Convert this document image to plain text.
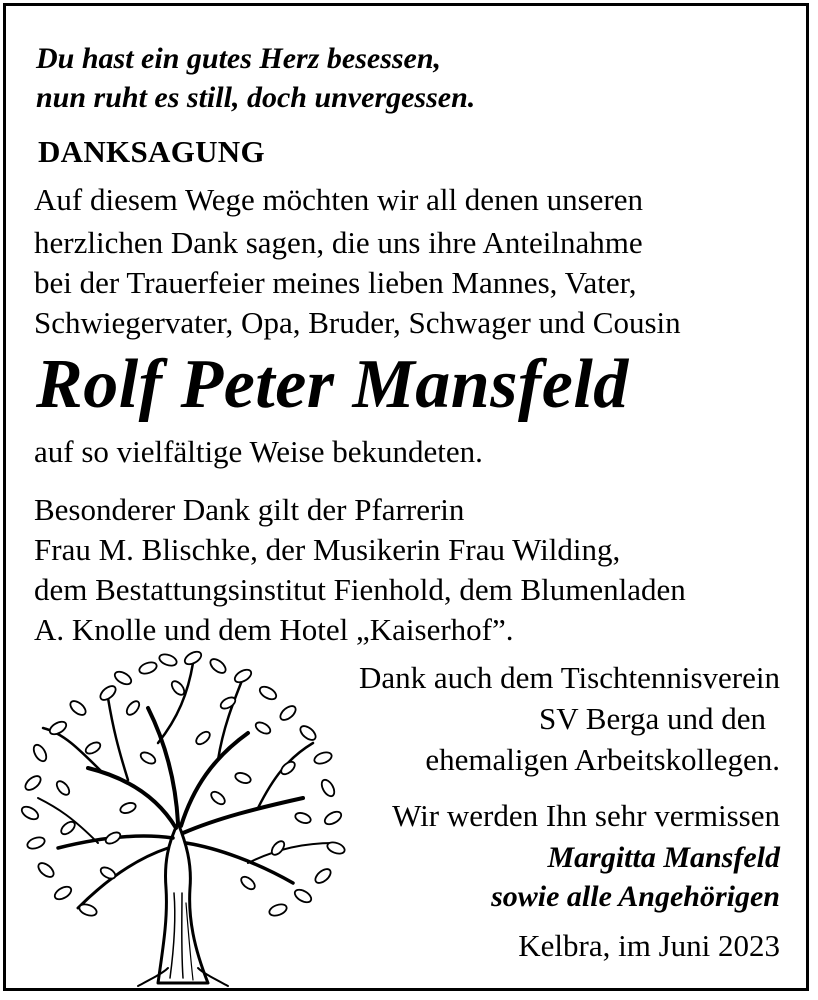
Du hast ein gutes Herz besessen,
nun ruht es still, doch unvergessen.
DANKSAGUNG
Auf diesem Wege möchten wir all denen unseren
herzlichen Dank sagen, die uns ihre Anteilnahme
bei der Trauerfeier meines lieben Mannes, Vater,
Schwiegervater, Opa, Bruder, Schwager und Cousin
Rolf Peter Mansfeld
auf so vielfältige Weise bekundeten.
Besonderer Dank gilt der Pfarrerin
Frau M. Blischke, der Musikerin Frau Wilding,
dem Bestattungsinstitut Fienhold, dem Blumenladen
A. Knolle und dem Hotel „Kaiserhof”.
Dank auch dem Tischtennisverein
SV Berga und den
ehemaligen Arbeitskollegen.
Wir werden Ihn sehr vermissen
Margitta Mansfeld
sowie alle Angehörigen
Kelbra, im Juni 2023
